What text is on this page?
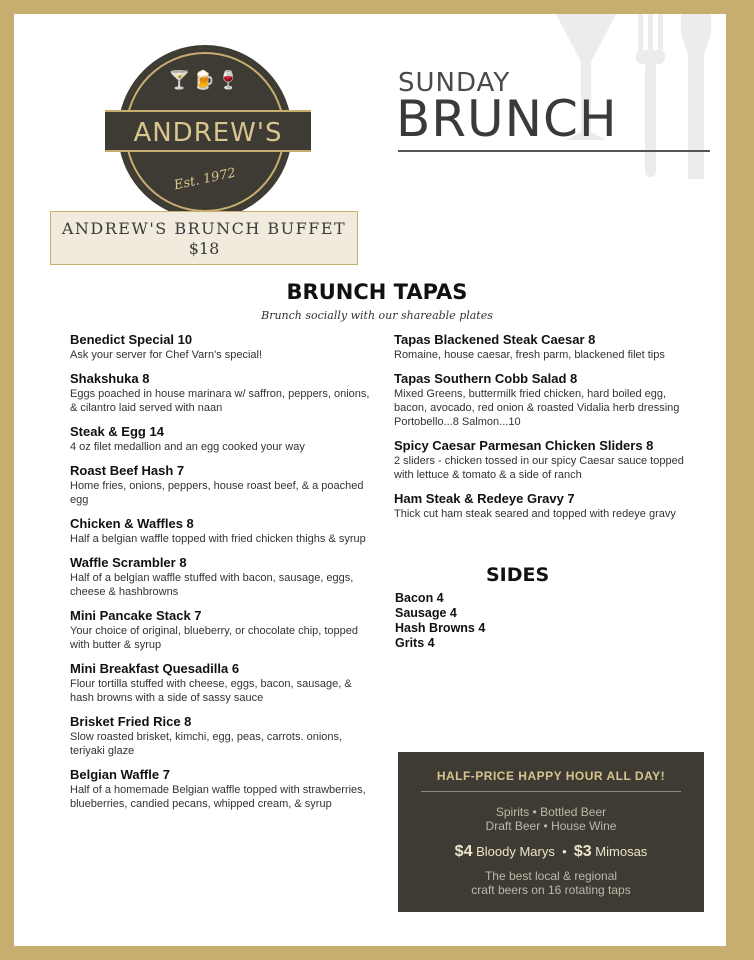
🍸🍺🍷
ANDREW'S
Est. 1972
SUNDAY
BRUNCH
ANDREW'S BRUNCH BUFFET
$18
BRUNCH TAPAS
Brunch socially with our shareable plates
Benedict Special 10
Ask your server for Chef Varn's special!
Shakshuka 8
Eggs poached in house marinara w/ saffron, peppers, onions, & cilantro laid served with naan
Steak & Egg 14
4 oz filet medallion and an egg cooked your way
Roast Beef Hash 7
Home fries, onions, peppers, house roast beef, & a poached egg
Chicken & Waffles 8
Half a belgian waffle topped with fried chicken thighs & syrup
Waffle Scrambler 8
Half of a belgian waffle stuffed with bacon, sausage, eggs, cheese & hashbrowns
Mini Pancake Stack 7
Your choice of original, blueberry, or chocolate chip, topped with butter & syrup
Mini Breakfast Quesadilla 6
Flour tortilla stuffed with cheese, eggs, bacon, sausage, & hash browns with a side of sassy sauce
Brisket Fried Rice 8
Slow roasted brisket, kimchi, egg, peas, carrots. onions, teriyaki glaze
Belgian Waffle 7
Half of a homemade Belgian waffle topped with strawberries, blueberries, candied pecans, whipped cream, & syrup
Tapas Blackened Steak Caesar 8
Romaine, house caesar, fresh parm, blackened filet tips
Tapas Southern Cobb Salad 8
Mixed Greens, buttermilk fried chicken, hard boiled egg, bacon, avocado, red onion & roasted Vidalia herb dressing Portobello...8 Salmon...10
Spicy Caesar Parmesan Chicken Sliders 8
2 sliders - chicken tossed in our spicy Caesar sauce topped with lettuce & tomato & a side of ranch
Ham Steak & Redeye Gravy 7
Thick cut ham steak seared and topped with redeye gravy
SIDES
Bacon 4
Sausage 4
Hash Browns 4
Grits 4
HALF-PRICE HAPPY HOUR ALL DAY!
Spirits • Bottled Beer
Draft Beer • House Wine
$4 Bloody Marys • $3 Mimosas
The best local & regional
craft beers on 16 rotating taps
